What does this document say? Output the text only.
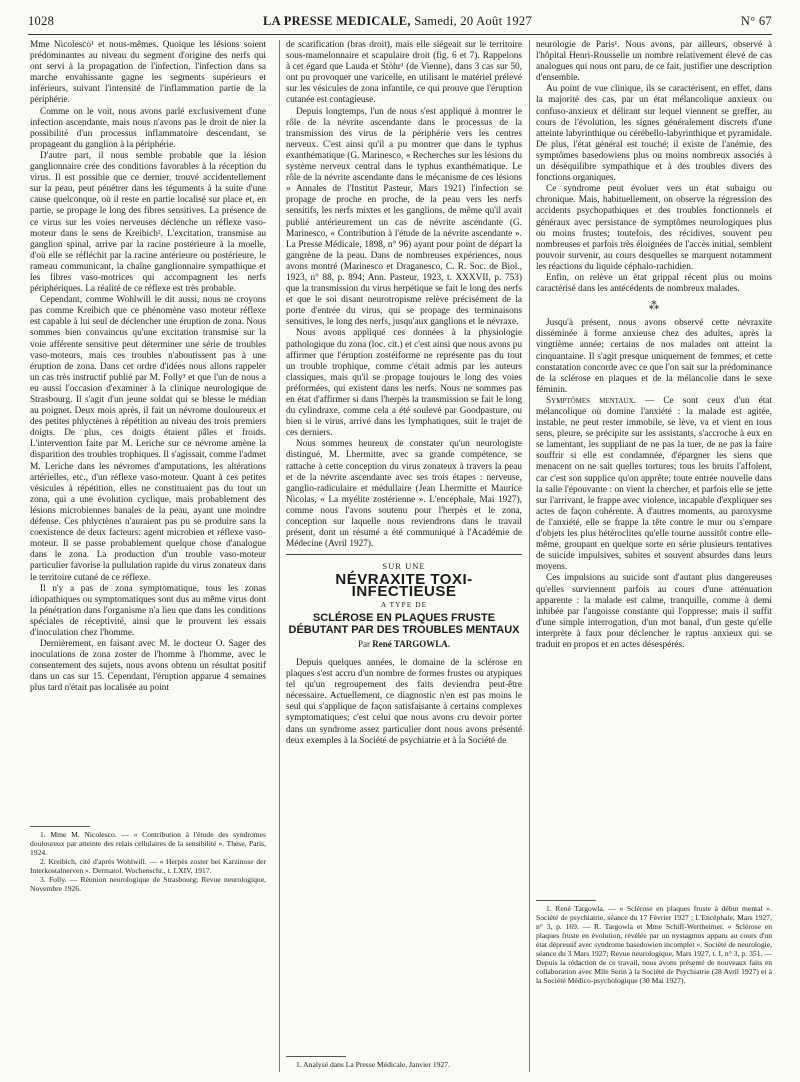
1028	LA PRESSE MEDICALE, Samedi, 20 Août 1927	N° 67

Mme Nicolesco¹ et nous-mêmes. Quoique les lésions soient prédominantes au niveau du segment d'origine des nerfs qui ont servi à la propagation de l'infection, l'infection dans sa marche envahissante gagne les segments supérieurs et inférieurs, suivant l'intensité de l'inflammation partie de la périphérie.

Comme on le voit, nous avons parlé exclusivement d'une infection ascendante, mais nous n'avons pas le droit de nier la possibilité d'un processus inflammatoire descendant, se propageant du ganglion à la périphérie.

D'autre part, il nous semble probable que la lésion ganglionnaire crée des conditions favorables à la réception du virus. Il est possible que ce dernier, trouvé accidentellement sur la peau, peut pénétrer dans les téguments à la suite d'une cause quelconque, où il reste en partie localisé sur place et, en partie, se propage le long des fibres sensitives. La présence de ce virus sur les voies nerveuses déclenche un réflexe vaso-moteur dans le sens de Kreibich². L'excitation, transmise au ganglion spinal, arrive par la racine postérieure à la moelle, d'où elle se réfléchit par la racine antérieure ou postérieure, le rameau communicant, la chaîne ganglionnaire sympathique et les fibres vaso-motrices qui accompagnent les nerfs périphériques. La réalité de ce réflexe est très probable.

Cependant, comme Wohlwill le dit aussi, nous ne croyons pas comme Kreibich que ce phénomène vaso moteur réflexe est capable à lui seul de déclencher une éruption de zona. Nous sommes bien convaincus qu'une excitation transmise sur la voie afférente sensitive peut déterminer une série de troubles vaso-moteurs, mais ces troubles n'aboutissent pas à une éruption de zona. Dans cet ordre d'idées nous allons rappeler un cas très instructif publié par M. Folly³ et que l'un de nous a eu aussi l'occasion d'examiner à la clinique neurologique de Strasbourg. Il s'agit d'un jeune soldat qui se blesse le médian au poignet. Deux mois après, il fait un névrome douloureux et des petites phlyctènes à répétition au niveau des trois premiers doigts. De plus, ces doigts étaient pâles et froids. L'intervention faite par M. Leriche sur ce névrome amène la disparition des troubles trophiques. Il s'agissait, comme l'admet M. Leriche dans les névromes d'amputations, les altérations artérielles, etc., d'un réflexe vaso-moteur. Quant à ces petites vésicules à répétition, elles ne constituaient pas du tout un zona, qui a une évolution cyclique, mais probablement des lésions microbiennes banales de la peau, ayant une moindre défense. Ces phlyctènes n'auraient pas pu se produire sans la coexistence de deux facteurs: agent microbien et réflexe vaso-moteur. Il se passe probablement quelque chose d'analogue dans le zona. La production d'un trouble vaso-moteur particulier favorise la pullulation rapide du virus zonateux dans le territoire cutané de ce réflexe.

Il n'y a pas de zona symptomatique, tous les zonas idiopathiques ou symptomatiques sont dus au même virus dont la pénétration dans l'organisme n'a lieu que dans les conditions spéciales de réceptivité, ainsi que le prouvent les essais d'inoculation chez l'homme.

Dernièrement, en faisant avec M. le docteur O. Sager des inoculations de zona zoster de l'homme à l'homme, avec le consentement des sujets, nous avons obtenu un résultat positif dans un cas sur 15. Cependant, l'éruption apparue 4 semaines plus tard n'était pas localisée au point

1. Mme M. Nicolesco. — « Contribution à l'étude des syndromes douloureux par atteinte des relais cellulaires de la sensibilité ». Thèse, Paris, 1924.

2. Kreibich, cité d'après Wohlwill. — « Herpès zoster bei Karzinose der Interkostalnerven ». Dermatol. Wochenschr., t. LXIV, 1917.

3. Folly. — Réunion neurologique de Strasbourg; Revue neurologique, Novembre 1926.

de scarification (bras droit), mais elle siégeait sur le territoire sous-mamelonnaire et scapulaire droit (fig. 6 et 7). Rappelons à cet égard que Lauda et Stöhr¹ (de Vienne), dans 3 cas sur 50, ont pu provoquer une varicelle, en utilisant le matériel prélevé sur les vésicules de zona infantile, ce qui prouve que l'éruption cutanée est contagieuse.

Depuis longtemps, l'un de nous s'est appliqué à montrer le rôle de la névrite ascendante dans le processus de la transmission des virus de la périphérie vers les centres nerveux. C'est ainsi qu'il a pu montrer que dans le typhus exanthématique (G. Marinesco, « Recherches sur les lésions du système nerveux central dans le typhus exanthématique. Le rôle de la névrite ascendante dans le mécanisme de ces lésions » Annales de l'Institut Pasteur, Mars 1921) l'infection se propage de proche en proche, de la peau vers les nerfs sensitifs, les nerfs mixtes et les ganglions, de même qu'il avait publié antérieurement un cas de névrite ascendante (G. Marinesco, « Contribution à l'étude de la névrite ascendante ». La Presse Médicale, 1898, n° 96) ayant pour point de départ la gangrène de la peau. Dans de nombreuses expériences, nous avons montré (Marinesco et Draganesco, C. R. Soc. de Biol., 1923, n° 88, p. 894; Ann. Pasteur, 1923, t. XXXVII, p. 753) que la transmission du virus herpétique se fait le long des nerfs et que le soi disant neurotropisme relève précisément de la porte d'entrée du virus, qui se propage des terminaisons sensitives, le long des nerfs, jusqu'aux ganglions et le névraxe.

Nous avons appliqué ces données à la physiologie pathologique du zona (loc. cit.) et c'est ainsi que nous avons pu affirmer que l'éruption zostéiforme ne représente pas du tout un trouble trophique, comme c'était admis par les auteurs classiques, mais qu'il se propage toujours le long des voies préformées, qui existent dans les nerfs. Nous ne sommes pas en état d'affirmer si dans l'herpès la transmission se fait le long du cylindraxe, comme cela a été soulevé par Goodpasture, ou bien si le virus, arrivé dans les lymphatiques, suit le trajet de ces derniers.

Nous sommes heureux de constater qu'un neurologiste distingué, M. Lhermitte, avec sa grande compétence, se rattache à cette conception du virus zonateux à travers la peau et de la névrite ascendante avec ses trois étapes : nerveuse, ganglio-radiculaire et médullaire (Jean Lhermitte et Maurice Nicolas, « La myélite zostérienne ». L'encéphale, Mai 1927), comme nous l'avons soutenu pour l'herpès et le zona, conception sur laquelle nous reviendrons dans le travail présent, dont un résumé a été communiqué à l'Académie de Médecine (Avril 1927).

SUR UNE
NÉVRAXITE TOXI-INFECTIEUSE
A TYPE DE
SCLÉROSE EN PLAQUES FRUSTE
DÉBUTANT PAR DES TROUBLES MENTAUX
Par René TARGOWLA.

Depuis quelques années, le domaine de la sclérose en plaques s'est accru d'un nombre de formes frustes ou atypiques tel qu'un regroupement des faits deviendra peut-être nécessaire. Actuellement, ce diagnostic n'en est pas moins le seul qui s'applique de façon satisfaisante à certains complexes symptomatiques; c'est celui que nous avons cru devoir porter dans un syndrome assez particulier dont nous avons présenté deux exemples à la Société de psychiatrie et à la Société de

1. Analysé dans La Presse Médicale, Janvier 1927.

neurologie de Paris¹. Nous avons, par ailleurs, observé à l'hôpital Henri-Rousselle un nombre relativement élevé de cas analogues qui nous ont paru, de ce fait, justifier une description d'ensemble.

Au point de vue clinique, ils se caractérisent, en effet, dans la majorité des cas, par un état mélancolique anxieux ou confuso-anxieux et délirant sur lequel viennent se greffer, au cours de l'évolution, les signes généralement discrets d'une atteinte labyrinthique ou cérébello-labyrinthique et pyramidale. De plus, l'état général est touché; il existe de l'anémie, des symptômes basedowiens plus ou moins nombreux associés à un déséquilibre sympathique et à des troubles divers des fonctions organiques.

Ce syndrome peut évoluer vers un état subaigu ou chronique. Mais, habituellement, on observe la régression des accidents psychopathiques et des troubles fonctionnels et généraux avec persistance de symptômes neurologiques plus ou moins frustes; toutefois, des récidives, souvent peu nombreuses et parfois très éloignées de l'accès initial, semblent pouvoir survenir, au cours desquelles se marquent notamment les réactions du liquide céphalo-rachidien.

Enfin, on relève un état grippal récent plus ou moins caractérisé dans les antécédents de nombreux malades.

⁂

Jusqu'à présent, nous avons observé cette névraxite disséminée à forme anxieuse chez des adultes, après la vingtième année; certains de nos malades ont atteint la cinquantaine. Il s'agit presque uniquement de femmes, et cette constatation concorde avec ce que l'on sait sur la prédominance de la sclérose en plaques et de la mélancolie dans le sexe féminin.

Symptômes mentaux. — Ce sont ceux d'un état mélancolique où domine l'anxiété : la malade est agitée, instable, ne peut rester immobile, se lève, va et vient en tous sens, pleure, se précipite sur les assistants, s'accroche à eux en se lamentant, les suppliant de ne pas la tuer, de ne pas la faire souffrir si elle est condamnée, d'épargner les siens que menacent on ne sait quelles tortures; tous les bruits l'affolent, car c'est son supplice qu'on apprête; toute entrée nouvelle dans la salle l'épouvante : on vient la chercher, et parfois elle se jette sur l'arrivant, le frappe avec violence, incapable d'expliquer ses actes de façon cohérente. A d'autres moments, au paroxysme de l'anxiété, elle se frappe la tête contre le mur ou s'empare d'objets les plus hétéroclites qu'elle tourne aussitôt contre elle-même, groupant en quelque sorte en série plusieurs tentatives de suicide impulsives, subites et souvent absurdes dans leurs moyens.

Ces impulsions au suicide sont d'autant plus dangereuses qu'elles surviennent parfois au cours d'une atténuation apparente : la malade est calme, tranquille, comme à demi inhibée par l'angoisse constante qui l'oppresse; mais il suffit d'une simple interrogation, d'un mot banal, d'un geste qu'elle interprète à faux pour déclencher le raptus anxieux qui se traduit en propos et en actes désespérés.

1. René Targowla. — « Sclérose en plaques fruste à début mental ». Société de psychiatrie, séance du 17 Février 1927 ; L'Encéphale, Mars 1927, n° 3, p. 169. — R. Targowla et Mme Schiff-Wertheimer. « Sclérose en plaques fruste en évolution, révélée par un nystagmus apparu au cours d'un état dépressif avec syndrome basedowien incomplet ». Société de neurologie, séance du 3 Mars 1927; Revue neurologique, Mars 1927, t. I, n° 3, p. 351. — Depuis la rédaction de ce travail, nous avons présenté de nouveaux faits en collaboration avec Mlle Serin à la Société de Psychiatrie (28 Avril 1927) et à la Société Médico-psychologique (30 Mai 1927).
